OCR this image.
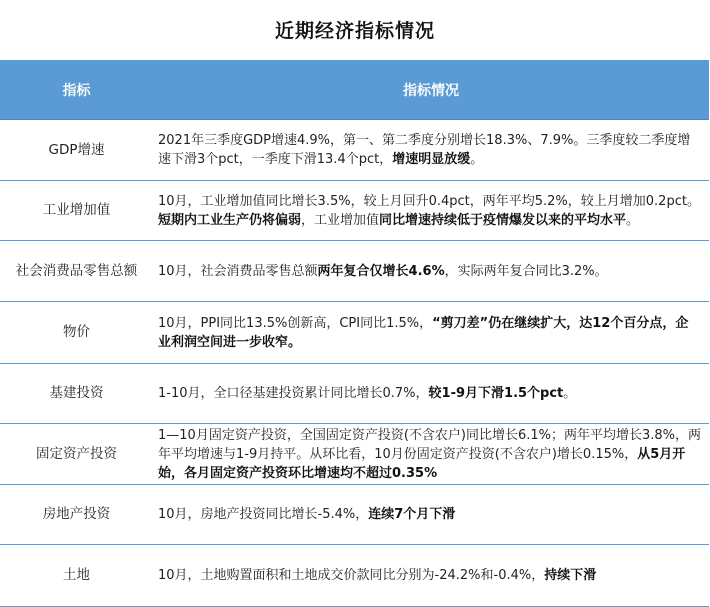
近期经济指标情况
指标	指标情况
GDP增速	2021年三季度GDP增速4.9%，第一、第二季度分别增长18.3%、7.9%。三季度较二季度增速下滑3个pct，一季度下滑13.4个pct，增速明显放缓。
工业增加值	10月，工业增加值同比增长3.5%，较上月回升0.4pct，两年平均5.2%，较上月增加0.2pct。短期内工业生产仍将偏弱，工业增加值同比增速持续低于疫情爆发以来的平均水平。
社会消费品零售总额	10月，社会消费品零售总额两年复合仅增长4.6%，实际两年复合同比3.2%。
物价	10月，PPI同比13.5%创新高，CPI同比1.5%，“剪刀差”仍在继续扩大，达12个百分点，企业利润空间进一步收窄。
基建投资	1-10月，全口径基建投资累计同比增长0.7%，较1-9月下滑1.5个pct。
固定资产投资	1—10月固定资产投资，全国固定资产投资(不含农户)同比增长6.1%；两年平均增长3.8%，两年平均增速与1-9月持平。从环比看，10月份固定资产投资(不含农户)增长0.15%，从5月开始，各月固定资产投资环比增速均不超过0.35%
房地产投资	10月，房地产投资同比增长-5.4%，连续7个月下滑
土地	10月，土地购置面积和土地成交价款同比分别为-24.2%和-0.4%，持续下滑
